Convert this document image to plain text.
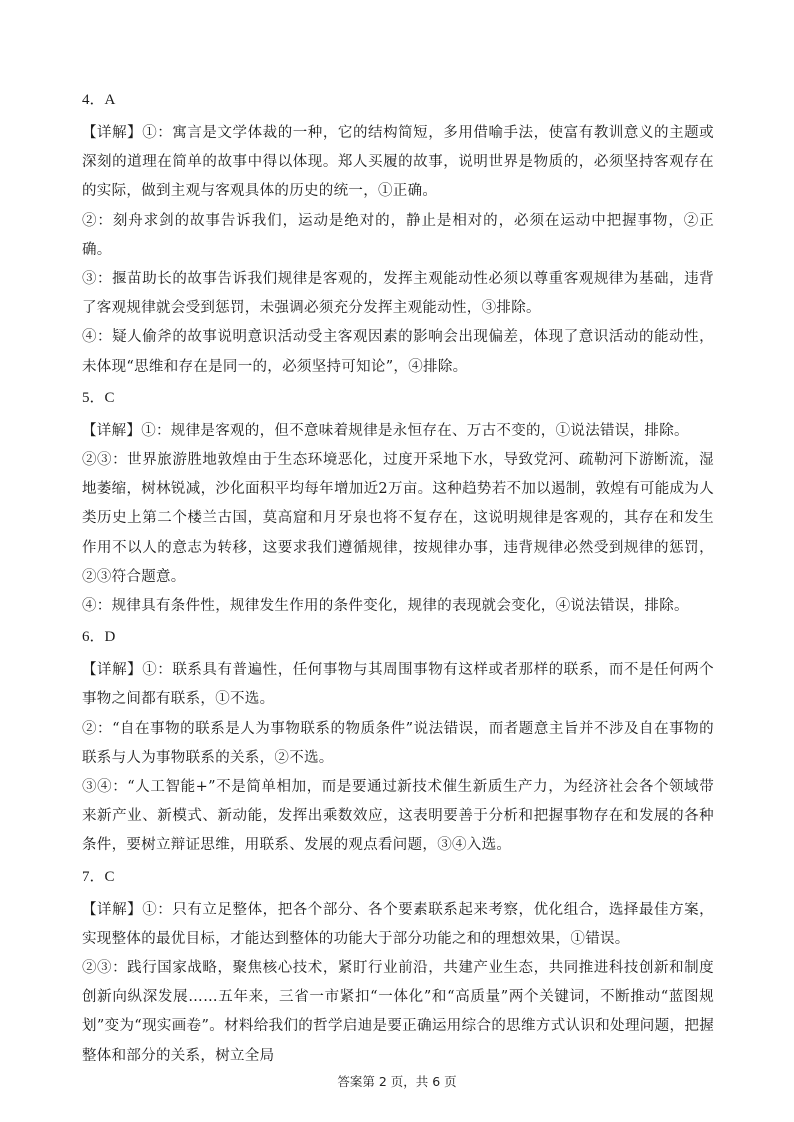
4．A

【详解】①：寓言是文学体裁的一种，它的结构简短，多用借喻手法，使富有教训意义的主题或深刻的道理在简单的故事中得以体现。郑人买履的故事，说明世界是物质的，必须坚持客观存在的实际，做到主观与客观具体的历史的统一，①正确。

②：刻舟求剑的故事告诉我们，运动是绝对的，静止是相对的，必须在运动中把握事物，②正确。

③：揠苗助长的故事告诉我们规律是客观的，发挥主观能动性必须以尊重客观规律为基础，违背了客观规律就会受到惩罚，未强调必须充分发挥主观能动性，③排除。

④：疑人偷斧的故事说明意识活动受主客观因素的影响会出现偏差，体现了意识活动的能动性，未体现“思维和存在是同一的，必须坚持可知论”，④排除。

5．C

【详解】①：规律是客观的，但不意味着规律是永恒存在、万古不变的，①说法错误，排除。

②③：世界旅游胜地敦煌由于生态环境恶化，过度开采地下水，导致党河、疏勒河下游断流，湿地萎缩，树林锐减，沙化面积平均每年增加近2万亩。这种趋势若不加以遏制，敦煌有可能成为人类历史上第二个楼兰古国，莫高窟和月牙泉也将不复存在，这说明规律是客观的，其存在和发生作用不以人的意志为转移，这要求我们遵循规律，按规律办事，违背规律必然受到规律的惩罚，②③符合题意。

④：规律具有条件性，规律发生作用的条件变化，规律的表现就会变化，④说法错误，排除。

6．D

【详解】①：联系具有普遍性，任何事物与其周围事物有这样或者那样的联系，而不是任何两个事物之间都有联系，①不选。

②：“自在事物的联系是人为事物联系的物质条件”说法错误，而者题意主旨并不涉及自在事物的联系与人为事物联系的关系，②不选。

③④：“人工智能+”不是简单相加，而是要通过新技术催生新质生产力，为经济社会各个领域带来新产业、新模式、新动能，发挥出乘数效应，这表明要善于分析和把握事物存在和发展的各种条件，要树立辩证思维，用联系、发展的观点看问题，③④入选。

7．C

【详解】①：只有立足整体，把各个部分、各个要素联系起来考察，优化组合，选择最佳方案，实现整体的最优目标，才能达到整体的功能大于部分功能之和的理想效果，①错误。

②③：践行国家战略，聚焦核心技术，紧盯行业前沿，共建产业生态，共同推进科技创新和制度创新向纵深发展……五年来，三省一市紧扣“一体化”和“高质量”两个关键词，不断推动“蓝图规划”变为“现实画卷”。材料给我们的哲学启迪是要正确运用综合的思维方式认识和处理问题，把握整体和部分的关系，树立全局

答案第 2 页，共 6 页
